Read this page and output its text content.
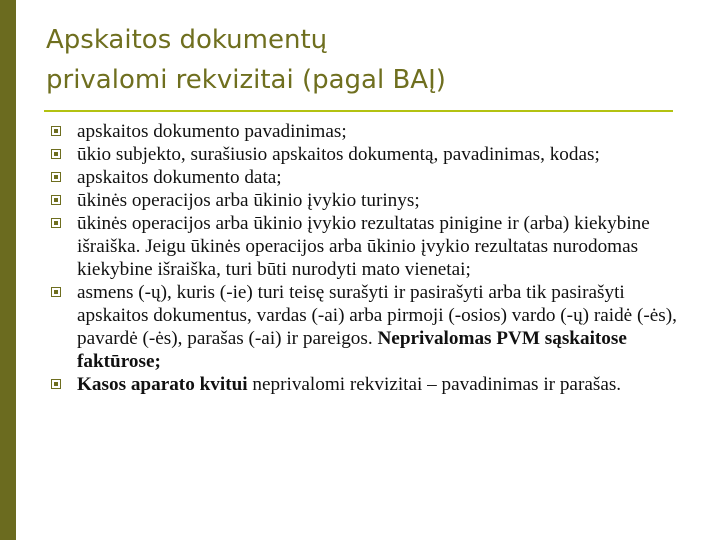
Apskaitos dokumentų
privalomi rekvizitai (pagal BAĮ)
apskaitos dokumento pavadinimas;
ūkio subjekto, surašiusio apskaitos dokumentą, pavadinimas, kodas;
apskaitos dokumento data;
ūkinės operacijos arba ūkinio įvykio turinys;
ūkinės operacijos arba ūkinio įvykio rezultatas pinigine ir (arba) kiekybine išraiška. Jeigu ūkinės operacijos arba ūkinio įvykio rezultatas nurodomas kiekybine išraiška, turi būti nurodyti mato vienetai;
asmens (-ų), kuris (-ie) turi teisę surašyti ir pasirašyti arba tik pasirašyti apskaitos dokumentus, vardas (-ai) arba pirmoji (-osios) vardo (-ų) raidė (-ės), pavardė (-ės), parašas (-ai) ir pareigos. Neprivalomas PVM sąskaitose faktūrose;
Kasos aparato kvitui neprivalomi rekvizitai – pavadinimas ir parašas.
